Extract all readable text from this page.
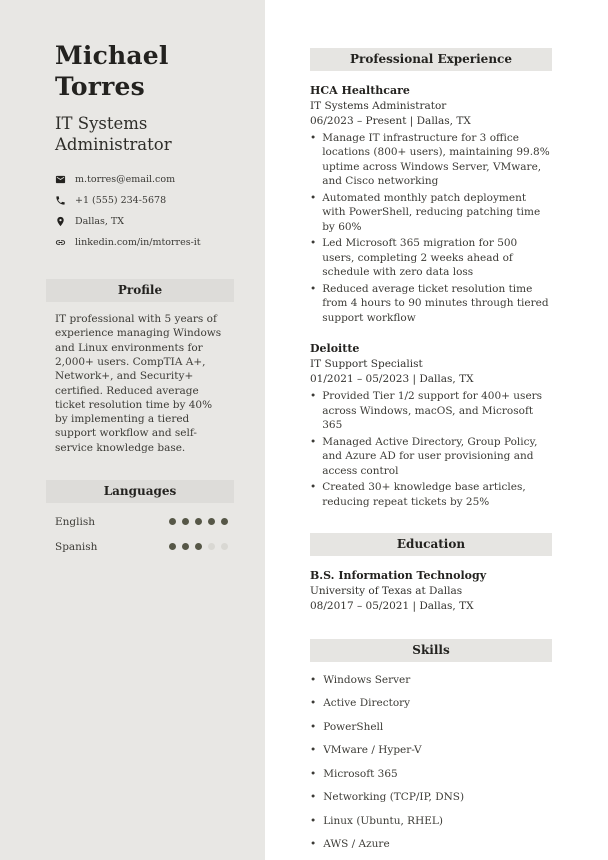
Michael Torres
IT Systems Administrator
m.torres@email.com
+1 (555) 234-5678
Dallas, TX
linkedin.com/in/mtorres-it
Profile
IT professional with 5 years of experience managing Windows and Linux environments for 2,000+ users. CompTIA A+, Network+, and Security+ certified. Reduced average ticket resolution time by 40% by implementing a tiered support workflow and self-service knowledge base.
Languages
English
Spanish
Professional Experience
HCA Healthcare
IT Systems Administrator
06/2023 – Present | Dallas, TX
• Manage IT infrastructure for 3 office locations (800+ users), maintaining 99.8% uptime across Windows Server, VMware, and Cisco networking
• Automated monthly patch deployment with PowerShell, reducing patching time by 60%
• Led Microsoft 365 migration for 500 users, completing 2 weeks ahead of schedule with zero data loss
• Reduced average ticket resolution time from 4 hours to 90 minutes through tiered support workflow
Deloitte
IT Support Specialist
01/2021 – 05/2023 | Dallas, TX
• Provided Tier 1/2 support for 400+ users across Windows, macOS, and Microsoft 365
• Managed Active Directory, Group Policy, and Azure AD for user provisioning and access control
• Created 30+ knowledge base articles, reducing repeat tickets by 25%
Education
B.S. Information Technology
University of Texas at Dallas
08/2017 – 05/2021 | Dallas, TX
Skills
• Windows Server
• Active Directory
• PowerShell
• VMware / Hyper-V
• Microsoft 365
• Networking (TCP/IP, DNS)
• Linux (Ubuntu, RHEL)
• AWS / Azure
